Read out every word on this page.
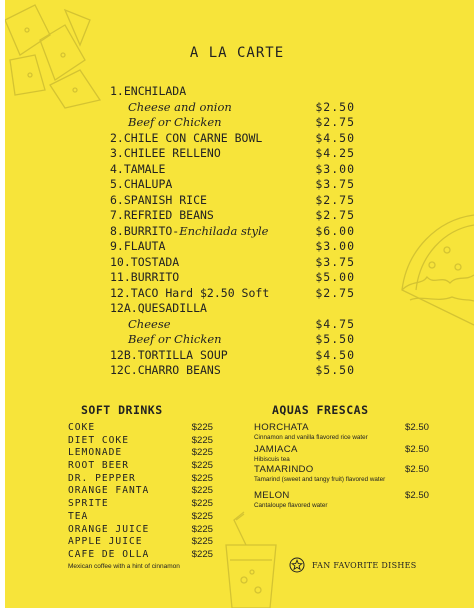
A LA CARTE
1.ENCHILADA
Cheese and onion	$2.50
Beef or Chicken	$2.75
2.CHILE CON CARNE BOWL	$4.50
3.CHILEE RELLENO	$4.25
4.TAMALE	$3.00
5.CHALUPA	$3.75
6.SPANISH RICE	$2.75
7.REFRIED BEANS	$2.75
8.BURRITO-Enchilada style	$6.00
9.FLAUTA	$3.00
10.TOSTADA	$3.75
11.BURRITO	$5.00
12.TACO Hard $2.50 Soft	$2.75
12A.QUESADILLA
Cheese	$4.75
Beef or Chicken	$5.50
12B.TORTILLA SOUP	$4.50
12C.CHARRO BEANS	$5.50
SOFT DRINKS	AQUAS FRESCAS
COKE	$225
DIET COKE	$225
LEMONADE	$225
ROOT BEER	$225
DR. PEPPER	$225
ORANGE FANTA	$225
SPRITE	$225
TEA	$225
ORANGE JUICE	$225
APPLE JUICE	$225
CAFE DE OLLA	$225
Mexican coffee with a hint of cinnamon
HORCHATA
Cinnamon and vanilla flavored rice water
$2.50
JAMIACA
Hibiscuis tea
$2.50
TAMARINDO
Tamarind (sweet and tangy fruit) flavored water
$2.50
MELON
Cantaloupe flavored water
$2.50
FAN FAVORITE DISHES
